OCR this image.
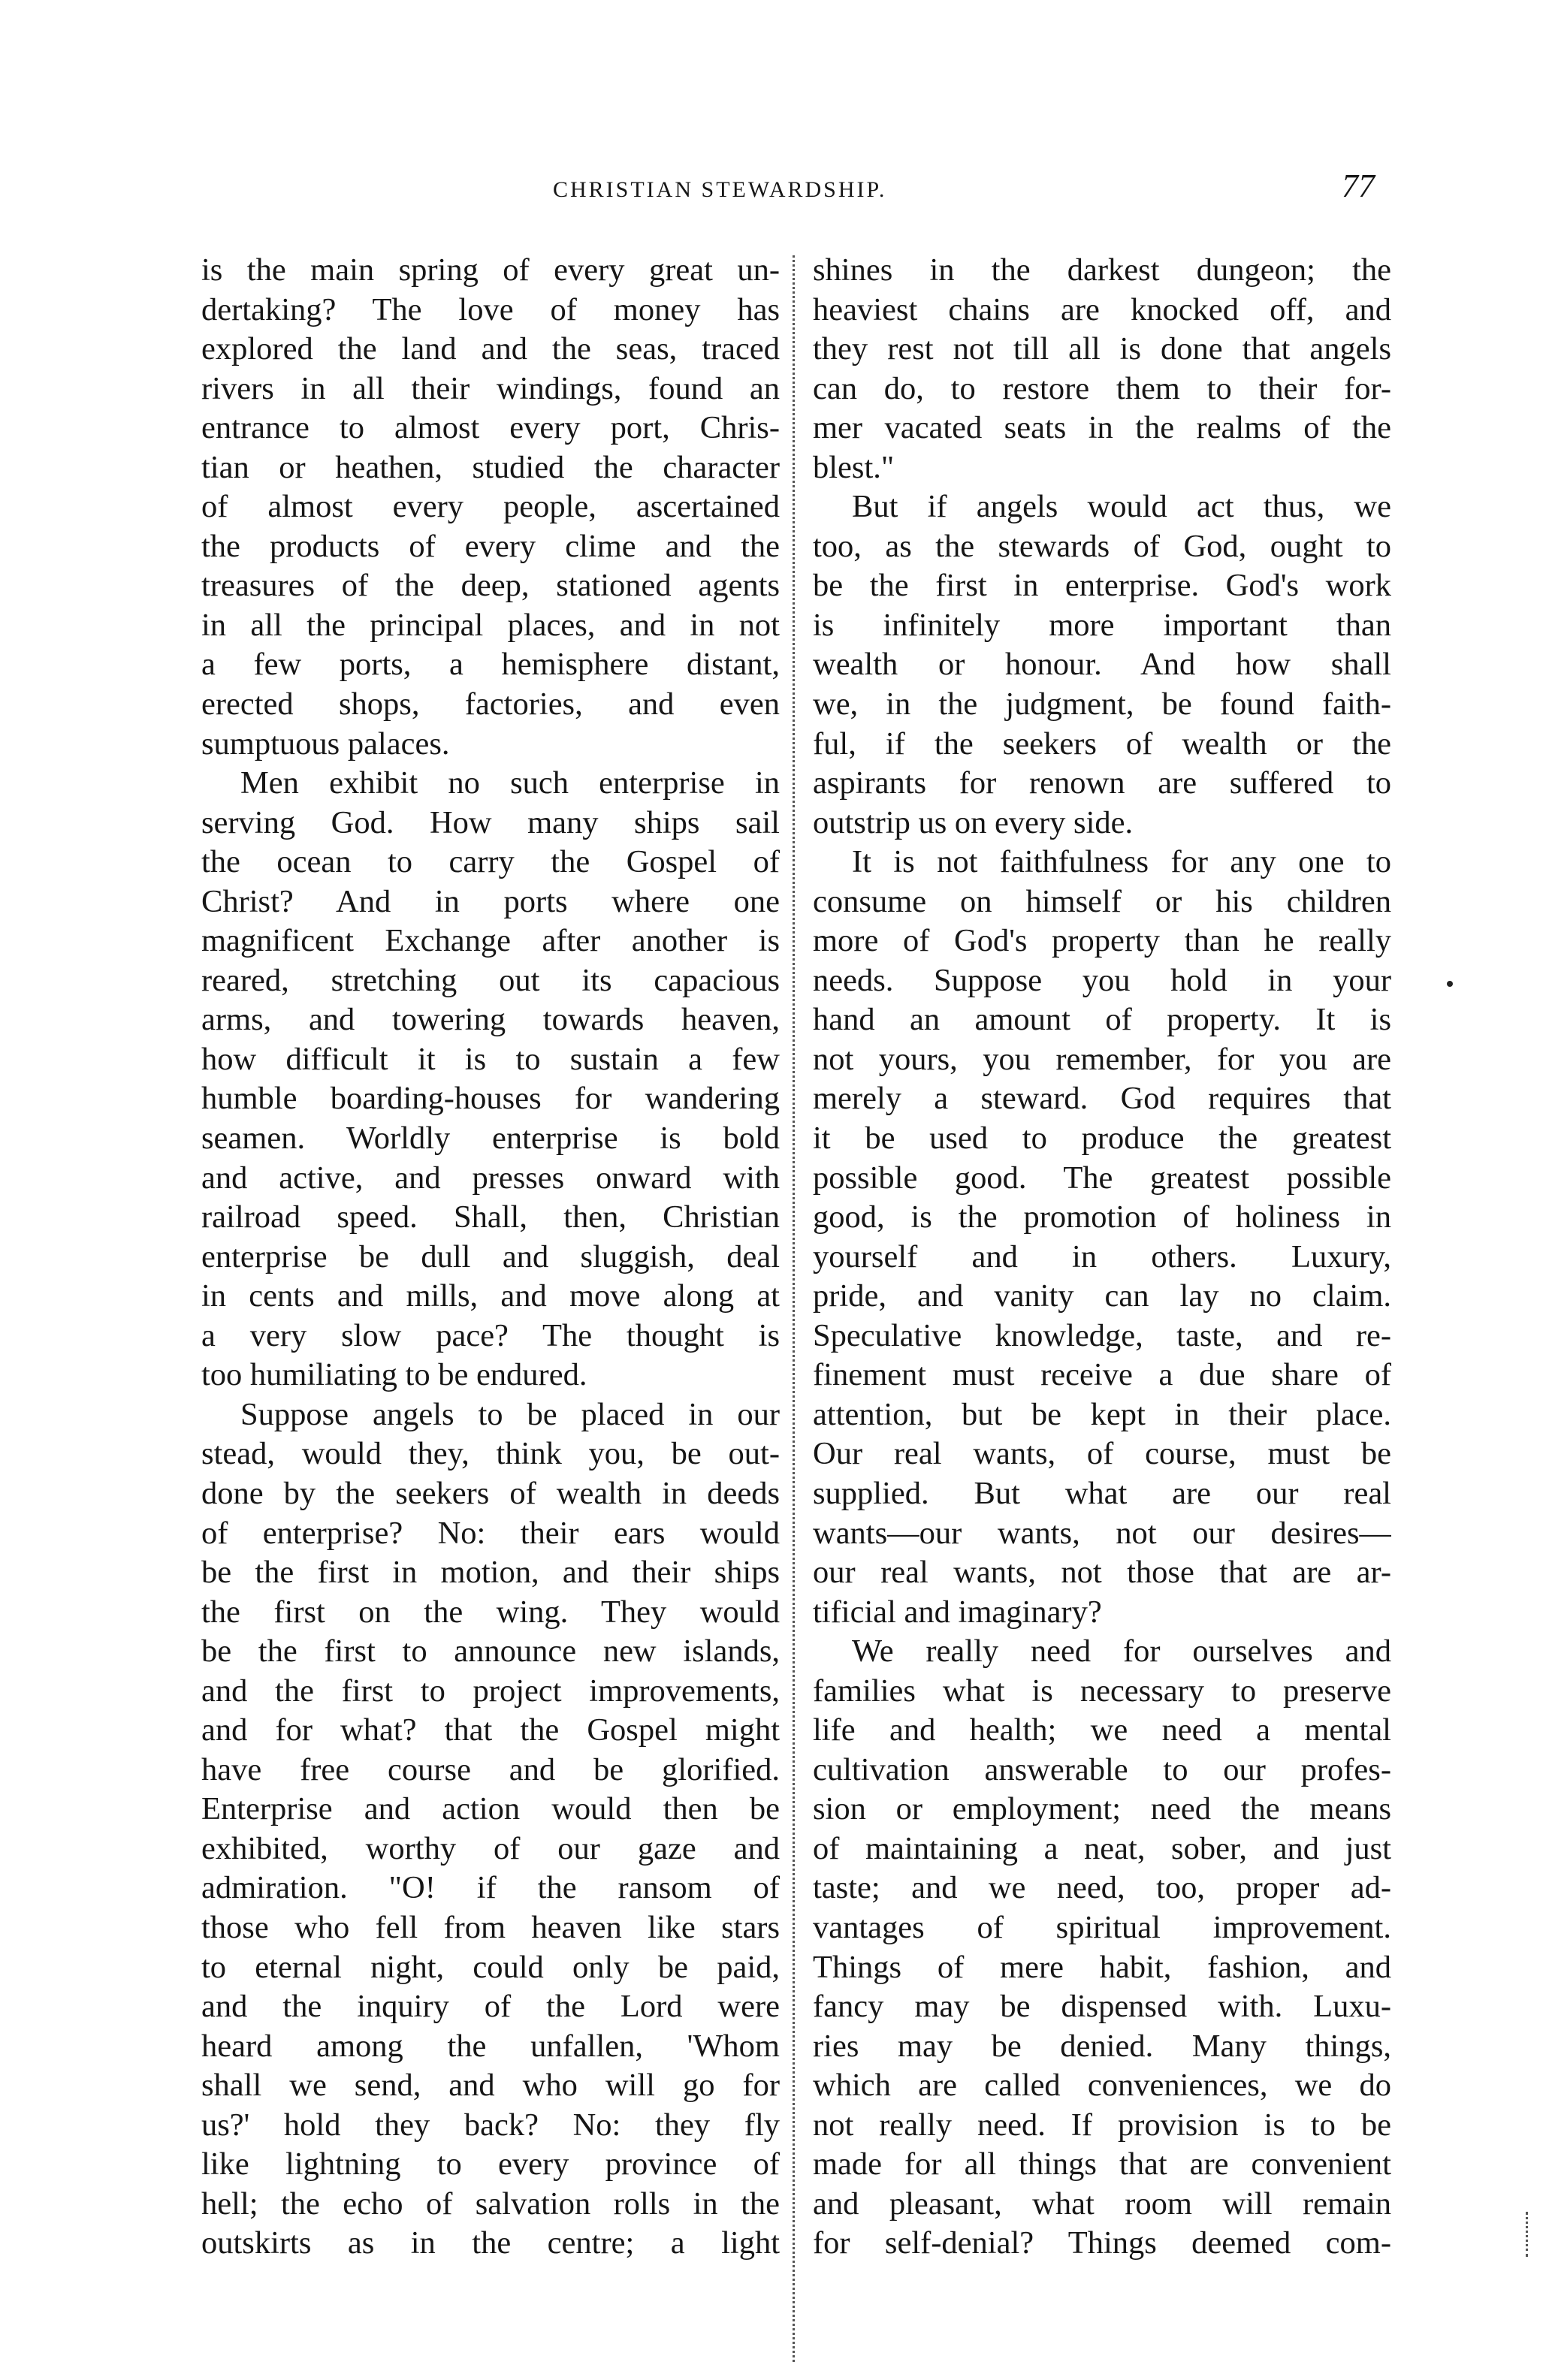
CHRISTIAN STEWARDSHIP.	77
is the main spring of every great un-
dertaking? The love of money has
explored the land and the seas, traced
rivers in all their windings, found an
entrance to almost every port, Chris-
tian or heathen, studied the character
of almost every people, ascertained
the products of every clime and the
treasures of the deep, stationed agents
in all the principal places, and in not
a few ports, a hemisphere distant,
erected shops, factories, and even
sumptuous palaces.
Men exhibit no such enterprise in
serving God. How many ships sail
the ocean to carry the Gospel of
Christ? And in ports where one
magnificent Exchange after another is
reared, stretching out its capacious
arms, and towering towards heaven,
how difficult it is to sustain a few
humble boarding-houses for wandering
seamen. Worldly enterprise is bold
and active, and presses onward with
railroad speed. Shall, then, Christian
enterprise be dull and sluggish, deal
in cents and mills, and move along at
a very slow pace? The thought is
too humiliating to be endured.
Suppose angels to be placed in our
stead, would they, think you, be out-
done by the seekers of wealth in deeds
of enterprise? No: their ears would
be the first in motion, and their ships
the first on the wing. They would
be the first to announce new islands,
and the first to project improvements,
and for what? that the Gospel might
have free course and be glorified.
Enterprise and action would then be
exhibited, worthy of our gaze and
admiration. "O! if the ransom of
those who fell from heaven like stars
to eternal night, could only be paid,
and the inquiry of the Lord were
heard among the unfallen, 'Whom
shall we send, and who will go for
us?' hold they back? No: they fly
like lightning to every province of
hell; the echo of salvation rolls in the
outskirts as in the centre; a light
shines in the darkest dungeon; the
heaviest chains are knocked off, and
they rest not till all is done that angels
can do, to restore them to their for-
mer vacated seats in the realms of the
blest."
But if angels would act thus, we
too, as the stewards of God, ought to
be the first in enterprise. God's work
is infinitely more important than
wealth or honour. And how shall
we, in the judgment, be found faith-
ful, if the seekers of wealth or the
aspirants for renown are suffered to
outstrip us on every side.
It is not faithfulness for any one to
consume on himself or his children
more of God's property than he really
needs. Suppose you hold in your
hand an amount of property. It is
not yours, you remember, for you are
merely a steward. God requires that
it be used to produce the greatest
possible good. The greatest possible
good, is the promotion of holiness in
yourself and in others. Luxury,
pride, and vanity can lay no claim.
Speculative knowledge, taste, and re-
finement must receive a due share of
attention, but be kept in their place.
Our real wants, of course, must be
supplied. But what are our real
wants—our wants, not our desires—
our real wants, not those that are ar-
tificial and imaginary?
We really need for ourselves and
families what is necessary to preserve
life and health; we need a mental
cultivation answerable to our profes-
sion or employment; need the means
of maintaining a neat, sober, and just
taste; and we need, too, proper ad-
vantages of spiritual improvement.
Things of mere habit, fashion, and
fancy may be dispensed with. Luxu-
ries may be denied. Many things,
which are called conveniences, we do
not really need. If provision is to be
made for all things that are convenient
and pleasant, what room will remain
for self-denial? Things deemed com-
